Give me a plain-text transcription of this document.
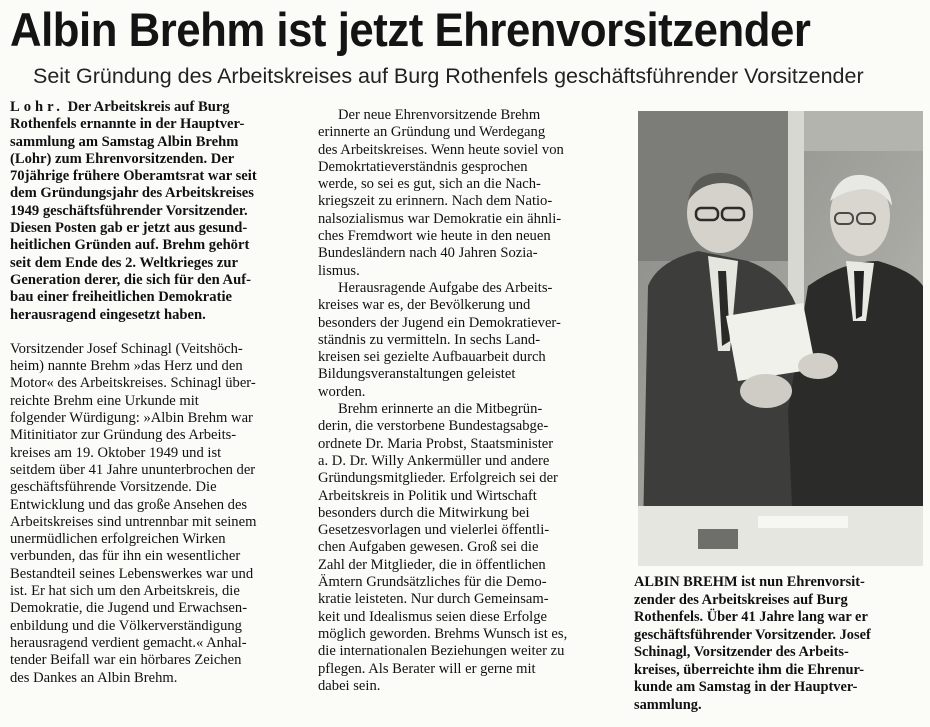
Albin Brehm ist jetzt Ehrenvorsitzender
Seit Gründung des Arbeitskreises auf Burg Rothenfels geschäftsführender Vorsitzender

Lohr. Der Arbeitskreis auf Burg
Rothenfels ernannte in der Hauptver-
sammlung am Samstag Albin Brehm
(Lohr) zum Ehrenvorsitzenden. Der
70jährige frühere Oberamtsrat war seit
dem Gründungsjahr des Arbeitskreises
1949 geschäftsführender Vorsitzender.
Diesen Posten gab er jetzt aus gesund-
heitlichen Gründen auf. Brehm gehört
seit dem Ende des 2. Weltkrieges zur
Generation derer, die sich für den Auf-
bau einer freiheitlichen Demokratie
herausragend eingesetzt haben.

Vorsitzender Josef Schinagl (Veitshöch-
heim) nannte Brehm »das Herz und den
Motor« des Arbeitskreises. Schinagl über-
reichte Brehm eine Urkunde mit
folgender Würdigung: »Albin Brehm war
Mitinitiator zur Gründung des Arbeits-
kreises am 19. Oktober 1949 und ist
seitdem über 41 Jahre ununterbrochen der
geschäftsführende Vorsitzende. Die
Entwicklung und das große Ansehen des
Arbeitskreises sind untrennbar mit seinem
unermüdlichen erfolgreichen Wirken
verbunden, das für ihn ein wesentlicher
Bestandteil seines Lebenswerkes war und
ist. Er hat sich um den Arbeitskreis, die
Demokratie, die Jugend und Erwachsen-
enbildung und die Völkerverständigung
herausragend verdient gemacht.« Anhal-
tender Beifall war ein hörbares Zeichen
des Dankes an Albin Brehm.

Der neue Ehrenvorsitzende Brehm
erinnerte an Gründung und Werdegang
des Arbeitskreises. Wenn heute soviel von
Demokrtatieverständnis gesprochen
werde, so sei es gut, sich an die Nach-
kriegszeit zu erinnern. Nach dem Natio-
nalsozialismus war Demokratie ein ähnli-
ches Fremdwort wie heute in den neuen
Bundesländern nach 40 Jahren Sozia-
lismus.

Herausragende Aufgabe des Arbeits-
kreises war es, der Bevölkerung und
besonders der Jugend ein Demokratiever-
ständnis zu vermitteln. In sechs Land-
kreisen sei gezielte Aufbauarbeit durch
Bildungsveranstaltungen geleistet
worden.

Brehm erinnerte an die Mitbegrün-
derin, die verstorbene Bundestagsabge-
ordnete Dr. Maria Probst, Staatsminister
a. D. Dr. Willy Ankermüller und andere
Gründungsmitglieder. Erfolgreich sei der
Arbeitskreis in Politik und Wirtschaft
besonders durch die Mitwirkung bei
Gesetzesvorlagen und vielerlei öffentli-
chen Aufgaben gewesen. Groß sei die
Zahl der Mitglieder, die in öffentlichen
Ämtern Grundsätzliches für die Demo-
kratie leisteten. Nur durch Gemeinsam-
keit und Idealismus seien diese Erfolge
möglich geworden. Brehms Wunsch ist es,
die internationalen Beziehungen weiter zu
pflegen. Als Berater will er gerne mit
dabei sein.

ALBIN BREHM ist nun Ehrenvorsit-
zender des Arbeitskreises auf Burg
Rothenfels. Über 41 Jahre lang war er
geschäftsführender Vorsitzender. Josef
Schinagl, Vorsitzender des Arbeits-
kreises, überreichte ihm die Ehrenur-
kunde am Samstag in der Hauptver-
sammlung.
